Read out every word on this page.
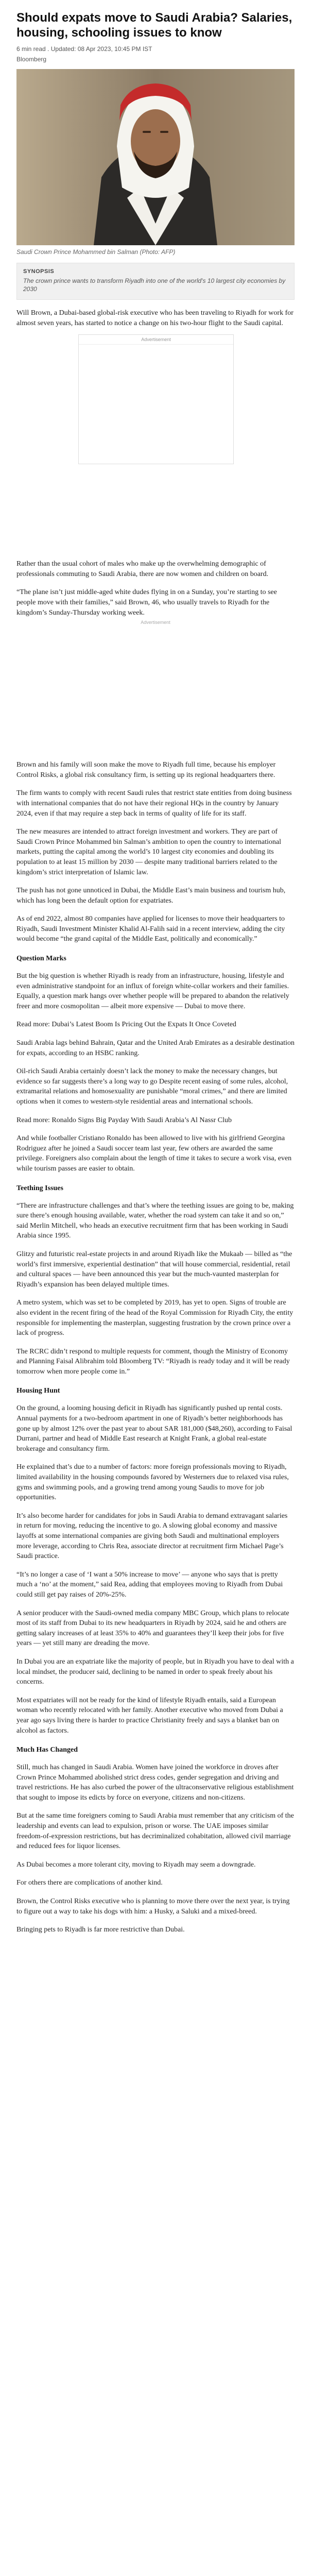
Should expats move to Saudi Arabia? Salaries, housing, schooling issues to know
6 min read . Updated: 08 Apr 2023, 10:45 PM IST
Bloomberg
Saudi Crown Prince Mohammed bin Salman (Photo: AFP)
SYNOPSIS
The crown prince wants to transform Riyadh into one of the world's 10 largest city economies by 2030

Will Brown, a Dubai-based global-risk executive who has been traveling to Riyadh for work for almost seven years, has started to notice a change on his two-hour flight to the Saudi capital.

Advertisement

Rather than the usual cohort of males who make up the overwhelming demographic of professionals commuting to Saudi Arabia, there are now women and children on board.

“The plane isn’t just middle-aged white dudes flying in on a Sunday, you’re starting to see people move with their families,” said Brown, 46, who usually travels to Riyadh for the kingdom’s Sunday-Thursday working week.

Advertisement

Brown and his family will soon make the move to Riyadh full time, because his employer Control Risks, a global risk consultancy firm, is setting up its regional headquarters there.

The firm wants to comply with recent Saudi rules that restrict state entities from doing business with international companies that do not have their regional HQs in the country by January 2024, even if that may require a step back in terms of quality of life for its staff.

The new measures are intended to attract foreign investment and workers. They are part of Saudi Crown Prince Mohammed bin Salman’s ambition to open the country to international markets, putting the capital among the world’s 10 largest city economies and doubling its population to at least 15 million by 2030 — despite many traditional barriers related to the kingdom’s strict interpretation of Islamic law.

The push has not gone unnoticed in Dubai, the Middle East’s main business and tourism hub, which has long been the default option for expatriates.

As of end 2022, almost 80 companies have applied for licenses to move their headquarters to Riyadh, Saudi Investment Minister Khalid Al-Falih said in a recent interview, adding the city would become “the grand capital of the Middle East, politically and economically.”

Question Marks

But the big question is whether Riyadh is ready from an infrastructure, housing, lifestyle and even administrative standpoint for an influx of foreign white-collar workers and their families. Equally, a question mark hangs over whether people will be prepared to abandon the relatively freer and more cosmopolitan — albeit more expensive — Dubai to move there.

Read more: Dubai’s Latest Boom Is Pricing Out the Expats It Once Coveted

Saudi Arabia lags behind Bahrain, Qatar and the United Arab Emirates as a desirable destination for expats, according to an HSBC ranking.

Oil-rich Saudi Arabia certainly doesn’t lack the money to make the necessary changes, but evidence so far suggests there’s a long way to go Despite recent easing of some rules, alcohol, extramarital relations and homosexuality are punishable “moral crimes,” and there are limited options when it comes to western-style residential areas and international schools.

Read more: Ronaldo Signs Big Payday With Saudi Arabia’s Al Nassr Club

And while footballer Cristiano Ronaldo has been allowed to live with his girlfriend Georgina Rodriguez after he joined a Saudi soccer team last year, few others are awarded the same privilege. Foreigners also complain about the length of time it takes to secure a work visa, even while tourism passes are easier to obtain.

Teething Issues

“There are infrastructure challenges and that’s where the teething issues are going to be, making sure there’s enough housing available, water, whether the road system can take it and so on,” said Merlin Mitchell, who heads an executive recruitment firm that has been working in Saudi Arabia since 1995.

Glitzy and futuristic real-estate projects in and around Riyadh like the Mukaab — billed as “the world’s first immersive, experiential destination” that will house commercial, residential, retail and cultural spaces — have been announced this year but the much-vaunted masterplan for Riyadh’s expansion has been delayed multiple times.

A metro system, which was set to be completed by 2019, has yet to open. Signs of trouble are also evident in the recent firing of the head of the Royal Commission for Riyadh City, the entity responsible for implementing the masterplan, suggesting frustration by the crown prince over a lack of progress.

The RCRC didn’t respond to multiple requests for comment, though the Ministry of Economy and Planning Faisal Alibrahim told Bloomberg TV: “Riyadh is ready today and it will be ready tomorrow when more people come in.”

Housing Hunt

On the ground, a looming housing deficit in Riyadh has significantly pushed up rental costs. Annual payments for a two-bedroom apartment in one of Riyadh’s better neighborhoods has gone up by almost 12% over the past year to about SAR 181,000 ($48,260), according to Faisal Durrani, partner and head of Middle East research at Knight Frank, a global real-estate brokerage and consultancy firm.

He explained that’s due to a number of factors: more foreign professionals moving to Riyadh, limited availability in the housing compounds favored by Westerners due to relaxed visa rules, gyms and swimming pools, and a growing trend among young Saudis to move for job opportunities.

It’s also become harder for candidates for jobs in Saudi Arabia to demand extravagant salaries in return for moving, reducing the incentive to go. A slowing global economy and massive layoffs at some international companies are giving both Saudi and multinational employers more leverage, according to Chris Rea, associate director at recruitment firm Michael Page’s Saudi practice.

“It’s no longer a case of ‘I want a 50% increase to move’ — anyone who says that is pretty much a ‘no’ at the moment,” said Rea, adding that employees moving to Riyadh from Dubai could still get pay raises of 20%-25%.

A senior producer with the Saudi-owned media company MBC Group, which plans to relocate most of its staff from Dubai to its new headquarters in Riyadh by 2024, said he and others are getting salary increases of at least 35% to 40% and guarantees they’ll keep their jobs for five years — yet still many are dreading the move.

In Dubai you are an expatriate like the majority of people, but in Riyadh you have to deal with a local mindset, the producer said, declining to be named in order to speak freely about his concerns.

Most expatriates will not be ready for the kind of lifestyle Riyadh entails, said a European woman who recently relocated with her family. Another executive who moved from Dubai a year ago says living there is harder to practice Christianity freely and says a blanket ban on alcohol as factors.

Much Has Changed

Still, much has changed in Saudi Arabia. Women have joined the workforce in droves after Crown Prince Mohammed abolished strict dress codes, gender segregation and driving and travel restrictions. He has also curbed the power of the ultraconservative religious establishment that sought to impose its edicts by force on everyone, citizens and non-citizens.

But at the same time foreigners coming to Saudi Arabia must remember that any criticism of the leadership and events can lead to expulsion, prison or worse. The UAE imposes similar freedom-of-expression restrictions, but has decriminalized cohabitation, allowed civil marriage and reduced fees for liquor licenses.

As Dubai becomes a more tolerant city, moving to Riyadh may seem a downgrade.

For others there are complications of another kind.

Brown, the Control Risks executive who is planning to move there over the next year, is trying to figure out a way to take his dogs with him: a Husky, a Saluki and a mixed-breed.

Bringing pets to Riyadh is far more restrictive than Dubai.
